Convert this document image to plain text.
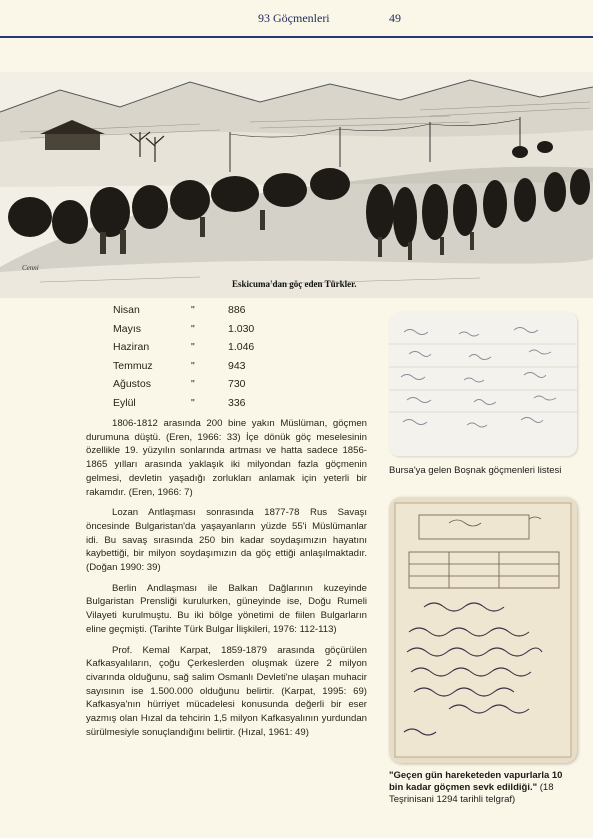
93 Göçmenleri	49
Cenni
Eskicuma'dan göç eden Türkler.
Nisan	"	886
Mayıs	"	1.030
Haziran	"	1.046
Temmuz	"	943
Ağustos	"	730
Eylül	"	336

1806-1812 arasında 200 bine yakın Müslüman, göçmen durumuna düştü. (Eren, 1966: 33) İçe dönük göç meselesinin özellikle 19. yüzyılın sonlarında artması ve hatta sadece 1856-1865 yılları arasında yaklaşık iki milyondan fazla göçmenin gelmesi, devletin yaşadığı zorlukları anlamak için yeterli bir rakamdır. (Eren, 1966: 7)

Lozan Antlaşması sonrasında 1877-78 Rus Savaşı öncesinde Bulgaristan'da yaşayanların yüzde 55'i Müslümanlar idi. Bu savaş sırasında 250 bin kadar soydaşımızın hayatını kaybettiği, bir milyon soydaşımızın da göç ettiği anlaşılmaktadır. (Doğan 1990: 39)

Berlin Andlaşması ile Balkan Dağlarının kuzeyinde Bulgaristan Prensliği kurulurken, güneyinde ise, Doğu Rumeli Vilayeti kurulmuştu. Bu iki bölge yönetimi de fiilen Bulgarların eline geçmişti. (Tarihte Türk Bulgar İlişkileri, 1976: 112-113)

Prof. Kemal Karpat, 1859-1879 arasında göçürülen Kafkasyalıların, çoğu Çerkeslerden oluşmak üzere 2 milyon civarında olduğunu, sağ salim Osmanlı Devleti'ne ulaşan muhacir sayısının ise 1.500.000 olduğunu belirtir. (Karpat, 1995: 69) Kafkasya'nın hürriyet mücadelesi konusunda değerli bir eser yazmış olan Hızal da tehcirin 1,5 milyon Kafkasyalının yurdundan sürülmesiyle sonuçlandığını belirtir. (Hızal, 1961: 49)

Bursa'ya gelen Boşnak göçmenleri listesi
"Geçen gün hareketeden vapurlarla 10 bin kadar göçmen sevk edildiği." (18 Teşrinisani 1294 tarihli telgraf)
